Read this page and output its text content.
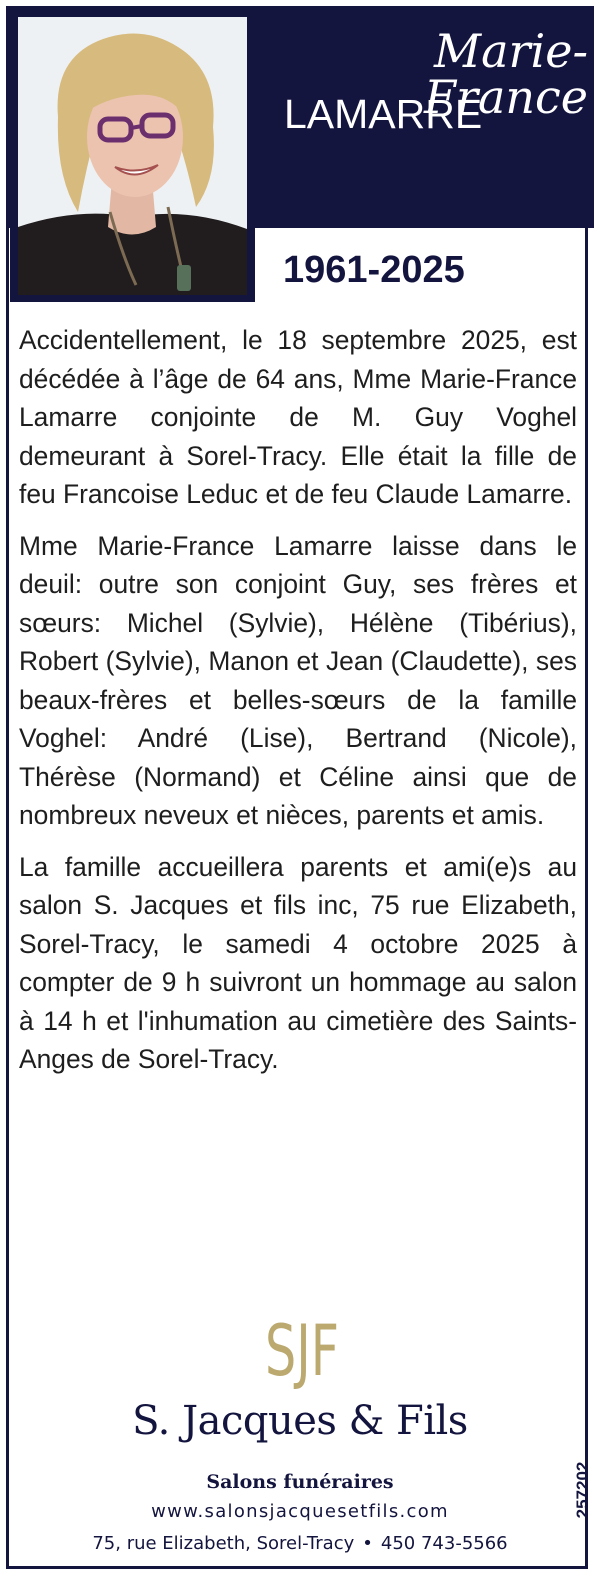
Marie-France
LAMARRE
1961-2025

Accidentellement, le 18 septembre 2025, est décédée à l’âge de 64 ans, Mme Marie-France Lamarre conjointe de M. Guy Voghel demeurant à Sorel-Tracy. Elle était la fille de feu Francoise Leduc et de feu Claude Lamarre.

Mme Marie-France Lamarre laisse dans le deuil: outre son conjoint Guy, ses frères et sœurs: Michel (Sylvie), Hélène (Tibérius), Robert (Sylvie), Manon et Jean (Claudette), ses beaux-frères et belles-sœurs de la famille Voghel: André (Lise), Bertrand (Nicole), Thérèse (Normand) et Céline ainsi que de nombreux neveux et nièces, parents et amis.

La famille accueillera parents et ami(e)s au salon S. Jacques et fils inc, 75 rue Elizabeth, Sorel-Tracy, le samedi 4 octobre 2025 à compter de 9 h suivront un hommage au salon à 14 h et l'inhumation au cimetière des Saints-Anges de Sorel-Tracy.

SJF
S. Jacques & Fils
Salons funéraires
www.salonsjacquesetfils.com
75, rue Elizabeth, Sorel-Tracy • 450 743-5566
257202
